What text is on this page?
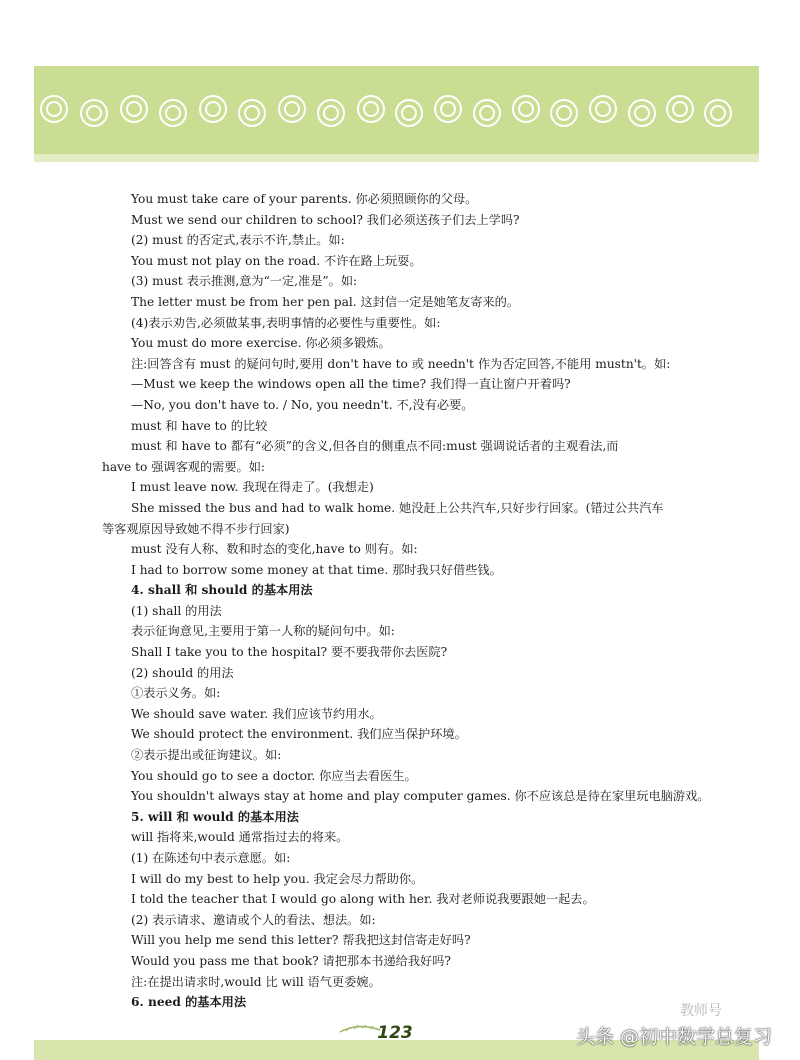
You must take care of your parents. 你必须照顾你的父母。
Must we send our children to school? 我们必须送孩子们去上学吗?
(2) must 的否定式,表示不许,禁止。如:
You must not play on the road. 不许在路上玩耍。
(3) must 表示推测,意为“一定,准是”。如:
The letter must be from her pen pal. 这封信一定是她笔友寄来的。
(4)表示劝告,必须做某事,表明事情的必要性与重要性。如:
You must do more exercise. 你必须多锻炼。
注:回答含有 must 的疑问句时,要用 don't have to 或 needn't 作为否定回答,不能用 mustn't。如:
—Must we keep the windows open all the time? 我们得一直让窗户开着吗?
—No, you don't have to. / No, you needn't. 不,没有必要。
must 和 have to 的比较
must 和 have to 都有“必须”的含义,但各自的侧重点不同:must 强调说话者的主观看法,而
have to 强调客观的需要。如:
I must leave now. 我现在得走了。(我想走)
She missed the bus and had to walk home. 她没赶上公共汽车,只好步行回家。(错过公共汽车
等客观原因导致她不得不步行回家)
must 没有人称、数和时态的变化,have to 则有。如:
I had to borrow some money at that time. 那时我只好借些钱。
4. shall 和 should 的基本用法
(1) shall 的用法
表示征询意见,主要用于第一人称的疑问句中。如:
Shall I take you to the hospital? 要不要我带你去医院?
(2) should 的用法
①表示义务。如:
We should save water. 我们应该节约用水。
We should protect the environment. 我们应当保护环境。
②表示提出或征询建议。如:
You should go to see a doctor. 你应当去看医生。
You shouldn't always stay at home and play computer games. 你不应该总是待在家里玩电脑游戏。
5. will 和 would 的基本用法
will 指将来,would 通常指过去的将来。
(1) 在陈述句中表示意愿。如:
I will do my best to help you. 我定会尽力帮助你。
I told the teacher that I would go along with her. 我对老师说我要跟她一起去。
(2) 表示请求、邀请或个人的看法、想法。如:
Will you help me send this letter? 帮我把这封信寄走好吗?
Would you pass me that book? 请把那本书递给我好吗?
注:在提出请求时,would 比 will 语气更委婉。
6. need 的基本用法
123
教师号
头条 @初中数学总复习
